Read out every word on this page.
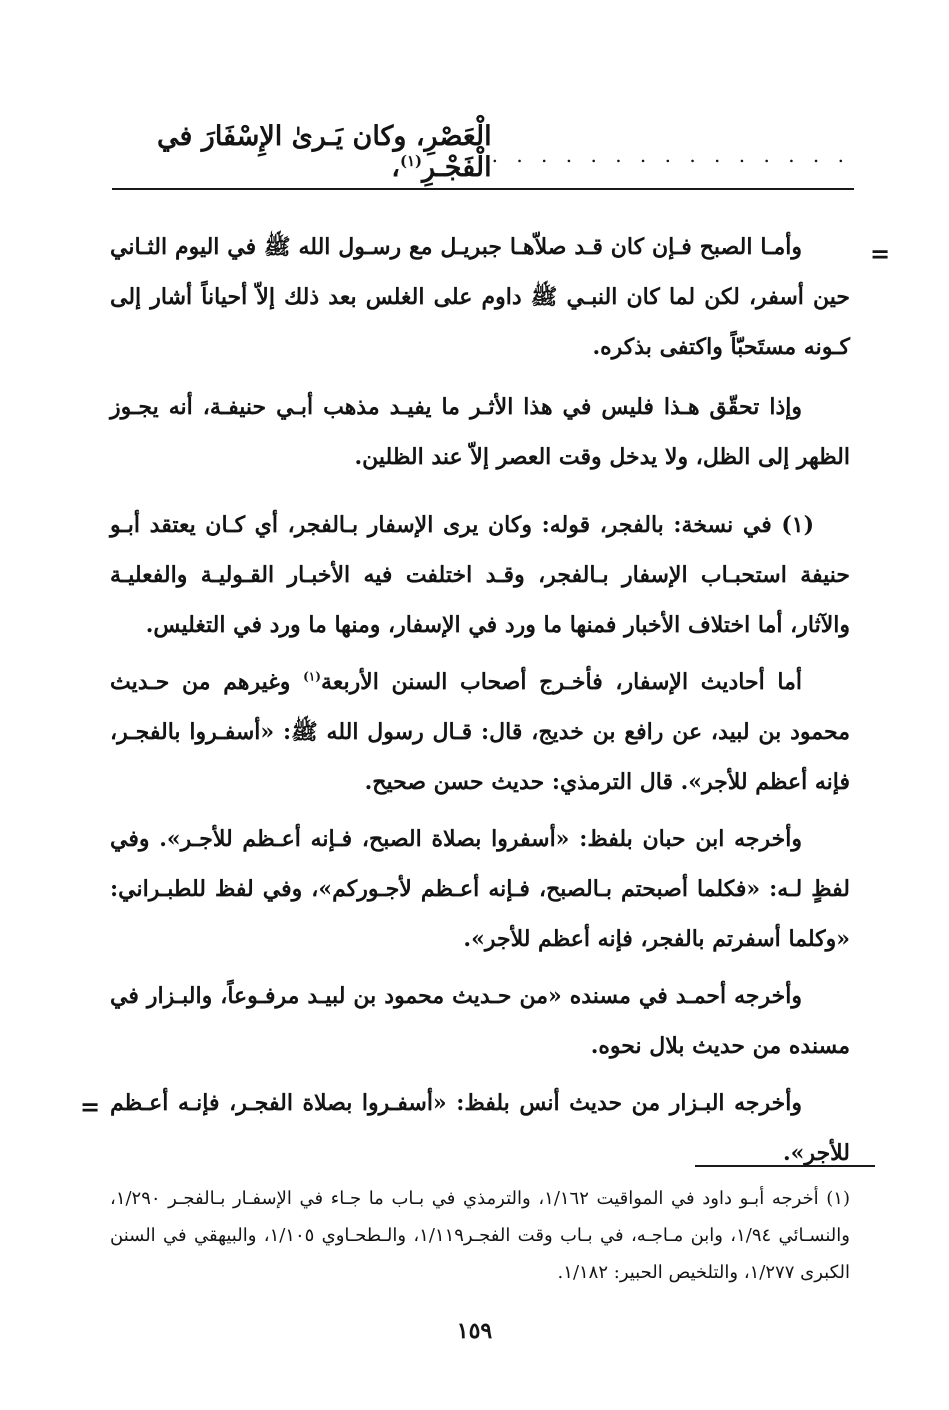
الْعَصْرِ، وكان يَـرىٰ الإِسْفَارَ في الْفَجْـرِ$^{(١)}$،	. . . . . . . . . . . . . . .
=

وأمـا الصبح فـإن كان قـد صلاّهـا جبريـل مع رسـول الله ﷺ في اليوم الثـاني حين أسفر، لكن لما كان النبـي ﷺ داوم على الغلس بعد ذلك إلاّ أحياناً أشار إلى كـونه مستَحبّاً واكتفى بذكره.

وإذا تحقّق هـذا فليس في هذا الأثـر ما يفيـد مذهب أبـي حنيفـة، أنه يجـوز الظهر إلى الظل، ولا يدخل وقت العصر إلاّ عند الظلين.

(١) في نسخة: بالفجر، قوله: وكان يرى الإسفار بـالفجر، أي كـان يعتقد أبـو حنيفة استحبـاب الإسفار بـالفجر، وقـد اختلفت فيه الأخبـار القـوليـة والفعليـة والآثار، أما اختلاف الأخبار فمنها ما ورد في الإسفار، ومنها ما ورد في التغليس.

أما أحاديث الإسفار، فأخـرج أصحاب السنن الأربعة$^{(١)}$ وغيرهم من حـديث محمود بن لبيد، عن رافع بن خديج، قال: قـال رسول الله ﷺ: «أسفـروا بالفجـر، فإنه أعظم للأجر». قال الترمذي: حديث حسن صحيح.

وأخرجه ابن حبان بلفظ: «أسفروا بصلاة الصبح، فـإنه أعـظم للأجـر». وفي لفظٍ لـه: «فكلما أصبحتم بـالصبح، فـإنه أعـظم لأجـوركم»، وفي لفظ للطبـراني: «وكلما أسفرتم بالفجر، فإنه أعظم للأجر».

وأخرجه أحمـد في مسنده «من حـديث محمود بن لبيـد مرفـوعاً، والبـزار في مسنده من حديث بلال نحوه.

وأخرجه البـزار من حديث أنس بلفظ: «أسفـروا بصلاة الفجـر، فإنـه أعـظم للأجر».

=

(١) أخرجه أبـو داود في المواقيت ١/١٦٢، والترمذي في بـاب ما جـاء في الإسفـار بـالفجـر ١/٢٩٠، والنسـائي ١/٩٤، وابن مـاجـه، في بـاب وقت الفجـر١/١١٩، والـطحـاوي ١/١٠٥، والبيهقي في السنن الكبرى ١/٢٧٧، والتلخيص الحبير: ١/١٨٢.

١٥٩
